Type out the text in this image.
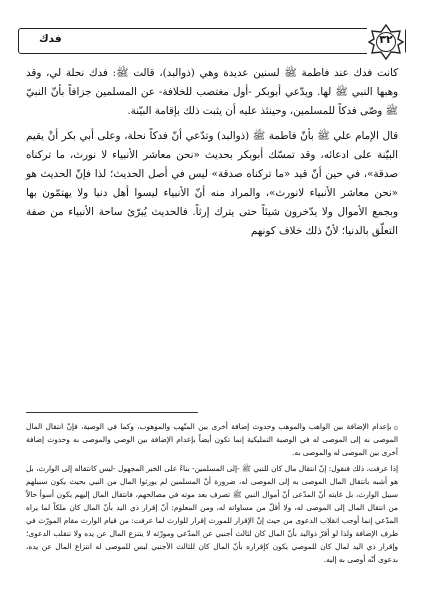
فدك	٣٢

كانت فدك عند فاطمة ﷺ لسنين عديدة وهي (ذوالبد)، قالت ﷺ: فدك نحلة لي، وقد وهبها النبي ﷺ لها. ويدّعي أبوبكر -أول مغتصب للخلافة- عن المسلمين جزافاً بأنّ النبيّ ﷺ وصّى فدكاً للمسلمين، وحينئذ عليه أن يثبت ذلك بإقامة البيّنة.

قال الإمام علي ﷺ بأنّ فاطمة ﷺ (ذوالبد) وتدّعي أنّ فدكاً نحلة، وعلى أبي بكر أنْ يقيم البيّنة على ادعائه، وقد تمسّك أبوبكر بحديث «نحن معاشر الأنبياء لا نورث، ما تركناه صدقة»، في حين أنّ قيد «ما تركناه صدقة» ليس في أصل الحديث؛ لذا فإنّ الحديث هو «نحن معاشر الأنبياء لانورث»، والمراد منه أنّ الأنبياء ليسوا أهل دنيا ولا يهتمّون بها وبجمع الأموال ولا يدّخرون شيئاً حتى يترك إرثاً. فالحديث يُبرّئ ساحة الأنبياء من صفة التعلّق بالدنيا؛ لأنّ ذلك خلاف كونهم

۞بإعدام الإضافة بين الواهب والموهب وحدوث إضافة أخرى بين المتّهب والموهوب، وكما في الوصية، فإنّ انتقال المال الموصى به إلى الموصى له في الوصية التمليكية إنما تكون أيضاً بإعدام الإضافة بين الوصي والموصى به وحدوث إضافة أخرى بين الموصى له والموصى به.

إذا عرفت، ذلك فنقول: إنّ انتقال مال كان للنبي ﷺ -إلى المسلمين- بناءً على الخبر المجهول -ليس كانتقاله إلى الوارث، بل هو أشبه بانتقال المال الموصى به إلى الموصى له، ضرورة أنّ المسلمين لم يورثوا المال من النبي بحيث يكون سبيلهم سبيل الوارث، بل غايته أنّ المدّعى أنّ أموال النبي ﷺ تصرف بعد موته في مصالحهم، فانتقال المال إليهم يكون أسوأ حالاً من انتقال المال إلى الموصى له، ولا أقلّ من مساواته له، ومن المعلوم: أنّ إقرار ذي اليد بأنّ المال كان ملكاً لما يراه المدّعي إنما أوجب انقلاب الدعوى من حيث إنّ الإقرار للمورث إقرار للوارث لما عرفت: من قيام الوارث مقام المورّث في طرف الإضافة ولذا لو أقرّ ذواليد بأنّ المال كان لثالث أجنبي عن المدّعي ومورّثه لا يتنزع المال عن يده ولا تنقلب الدعوى؛ وإقرار ذي اليد لمال كان للموصي يكون كإقراره بأنّ المال كان للثالث الأجنبي ليس للموصى له انتزاع المال عن يده، بدعوى أنّه أوصى به إليه.
